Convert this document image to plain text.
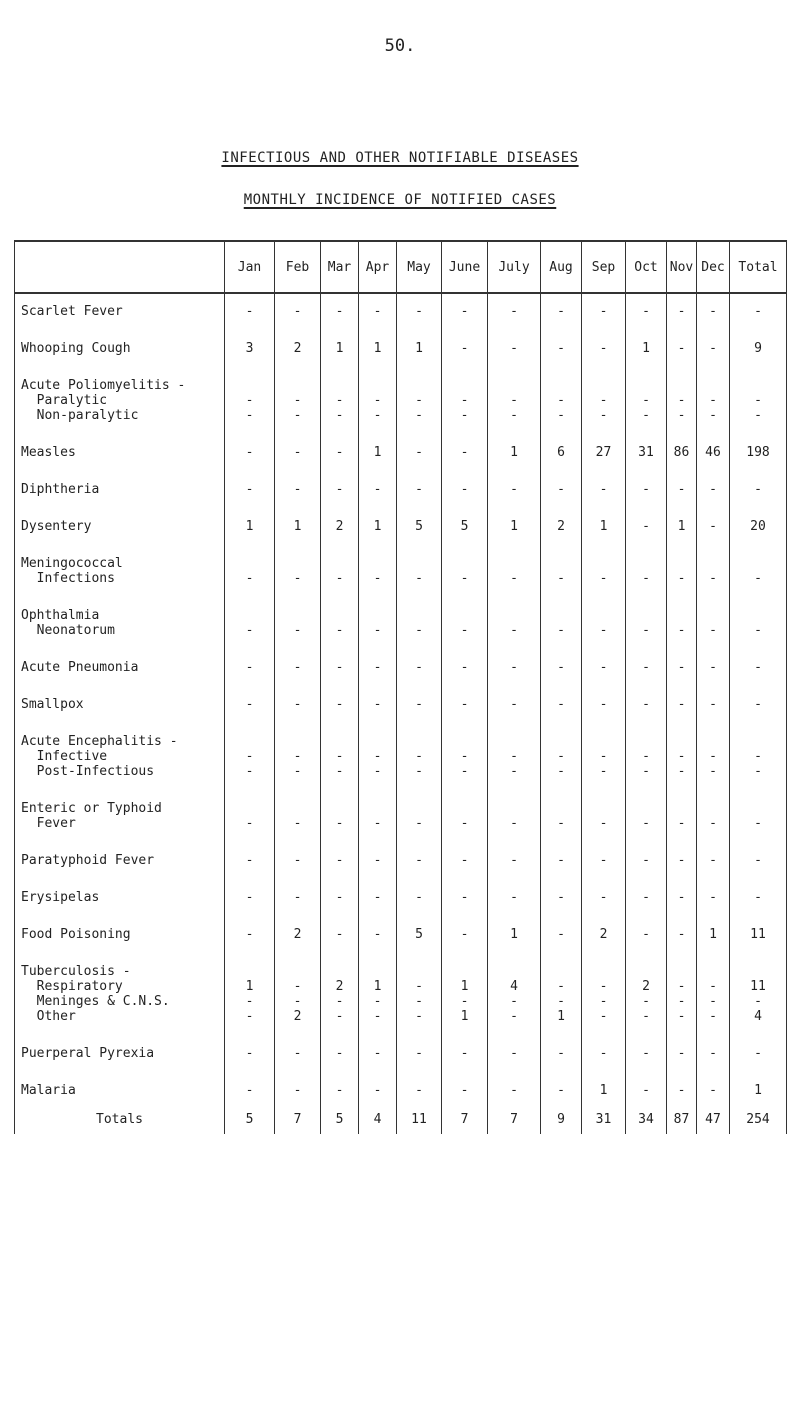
50.
INFECTIOUS AND OTHER NOTIFIABLE DISEASES
MONTHLY INCIDENCE OF NOTIFIED CASES
	Jan	Feb	Mar	Apr	May	June	July	Aug	Sep	Oct	Nov	Dec	Total
Scarlet Fever	-	-	-	-	-	-	-	-	-	-	-	-	-
Whooping Cough	3	2	1	1	1	-	-	-	-	1	-	-	9
Acute Poliomyelitis -													
Paralytic	-	-	-	-	-	-	-	-	-	-	-	-	-
Non-paralytic	-	-	-	-	-	-	-	-	-	-	-	-	-
Measles	-	-	-	1	-	-	1	6	27	31	86	46	198
Diphtheria	-	-	-	-	-	-	-	-	-	-	-	-	-
Dysentery	1	1	2	1	5	5	1	2	1	-	1	-	20
Meningococcal													
Infections	-	-	-	-	-	-	-	-	-	-	-	-	-
Ophthalmia													
Neonatorum	-	-	-	-	-	-	-	-	-	-	-	-	-
Acute Pneumonia	-	-	-	-	-	-	-	-	-	-	-	-	-
Smallpox	-	-	-	-	-	-	-	-	-	-	-	-	-
Acute Encephalitis -													
Infective	-	-	-	-	-	-	-	-	-	-	-	-	-
Post-Infectious	-	-	-	-	-	-	-	-	-	-	-	-	-
Enteric or Typhoid													
Fever	-	-	-	-	-	-	-	-	-	-	-	-	-
Paratyphoid Fever	-	-	-	-	-	-	-	-	-	-	-	-	-
Erysipelas	-	-	-	-	-	-	-	-	-	-	-	-	-
Food Poisoning	-	2	-	-	5	-	1	-	2	-	-	1	11
Tuberculosis -													
Respiratory	1	-	2	1	-	1	4	-	-	2	-	-	11
Meninges & C.N.S.	-	-	-	-	-	-	-	-	-	-	-	-	-
Other	-	2	-	-	-	1	-	1	-	-	-	-	4
Puerperal Pyrexia	-	-	-	-	-	-	-	-	-	-	-	-	-
Malaria	-	-	-	-	-	-	-	-	1	-	-	-	1
Totals	5	7	5	4	11	7	7	9	31	34	87	47	254
